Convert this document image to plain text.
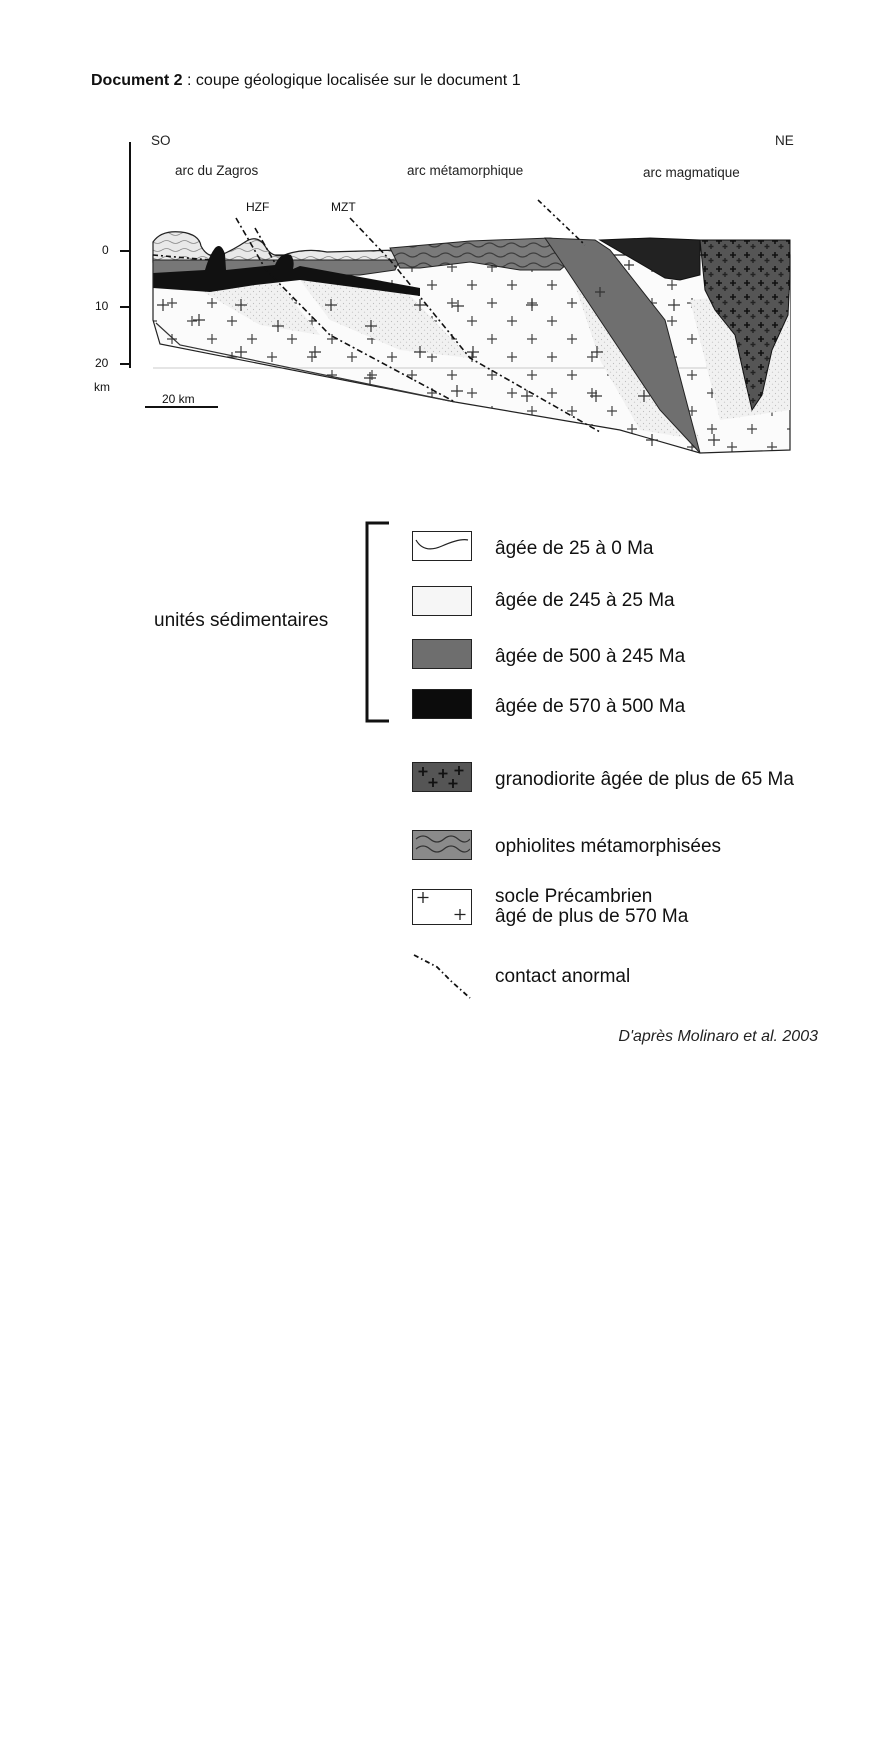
Document 2 : coupe géologique localisée sur le document 1
SO	NE
arc du Zagros	arc métamorphique	arc magmatique
HZF	MZT
0
10
20
km
20 km
unités sédimentaires
âgée de 25 à 0 Ma
âgée de 245 à 25 Ma
âgée de 500 à 245 Ma
âgée de 570 à 500 Ma
granodiorite âgée de plus de 65 Ma
ophiolites métamorphisées
socle Précambrien
âgé de plus de 570 Ma
contact anormal
D'après Molinaro et al. 2003
